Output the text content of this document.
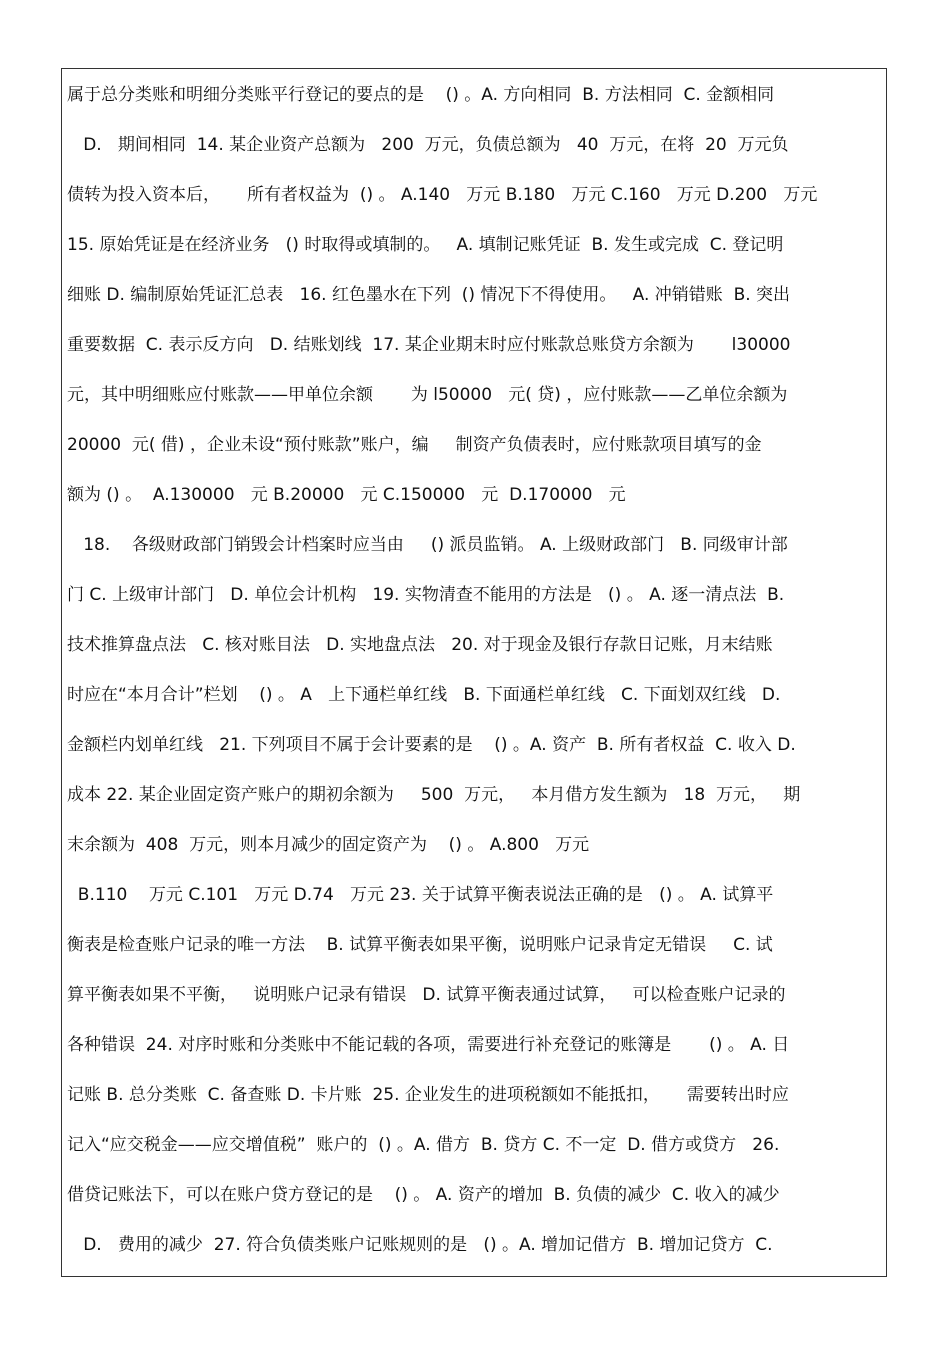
属于总分类账和明细分类账平行登记的要点的是    () 。A. 方向相同  B. 方法相同  C. 金额相同
D.   期间相同  14. 某企业资产总额为   200  万元，负债总额为   40  万元，在将  20  万元负
债转为投入资本后，     所有者权益为  () 。 A.140   万元 B.180   万元 C.160   万元 D.200   万元
15. 原始凭证是在经济业务   () 时取得或填制的。   A. 填制记账凭证  B. 发生或完成  C. 登记明
细账 D. 编制原始凭证汇总表   16. 红色墨水在下列  () 情况下不得使用。   A. 冲销错账  B. 突出
重要数据  C. 表示反方向   D. 结账划线  17. 某企业期末时应付账款总账贷方余额为       l30000
元，其中明细账应付账款——甲单位余额       为 l50000   元( 贷) ，应付账款——乙单位余额为
20000  元( 借) ，企业未设“预付账款”账户，编     制资产负债表时，应付账款项目填写的金
额为 () 。  A.130000   元 B.20000   元 C.150000   元  D.170000   元
18.    各级财政部门销毁会计档案时应当由     () 派员监销。 A. 上级财政部门   B. 同级审计部
门 C. 上级审计部门   D. 单位会计机构   19. 实物清查不能用的方法是   () 。 A. 逐一清点法  B.
技术推算盘点法   C. 核对账目法   D. 实地盘点法   20. 对于现金及银行存款日记账，月末结账
时应在“本月合计”栏划    () 。 A   上下通栏单红线   B. 下面通栏单红线   C. 下面划双红线   D.
金额栏内划单红线   21. 下列项目不属于会计要素的是    () 。A. 资产  B. 所有者权益  C. 收入 D.
成本 22. 某企业固定资产账户的期初余额为     500  万元，   本月借方发生额为   18  万元，   期
末余额为  408  万元，则本月减少的固定资产为    () 。 A.800   万元
B.110    万元 C.101   万元 D.74   万元 23. 关于试算平衡表说法正确的是   () 。 A. 试算平
衡表是检查账户记录的唯一方法    B. 试算平衡表如果平衡，说明账户记录肯定无错误     C. 试
算平衡表如果不平衡，   说明账户记录有错误   D. 试算平衡表通过试算，   可以检查账户记录的
各种错误  24. 对序时账和分类账中不能记载的各项，需要进行补充登记的账簿是       () 。 A. 日
记账 B. 总分类账  C. 备查账 D. 卡片账  25. 企业发生的进项税额如不能抵扣，     需要转出时应
记入“应交税金——应交增值税”  账户的  () 。A. 借方  B. 贷方 C. 不一定  D. 借方或贷方   26.
借贷记账法下，可以在账户贷方登记的是    () 。 A. 资产的增加  B. 负债的减少  C. 收入的减少
D.   费用的减少  27. 符合负债类账户记账规则的是   () 。A. 增加记借方  B. 增加记贷方  C.
